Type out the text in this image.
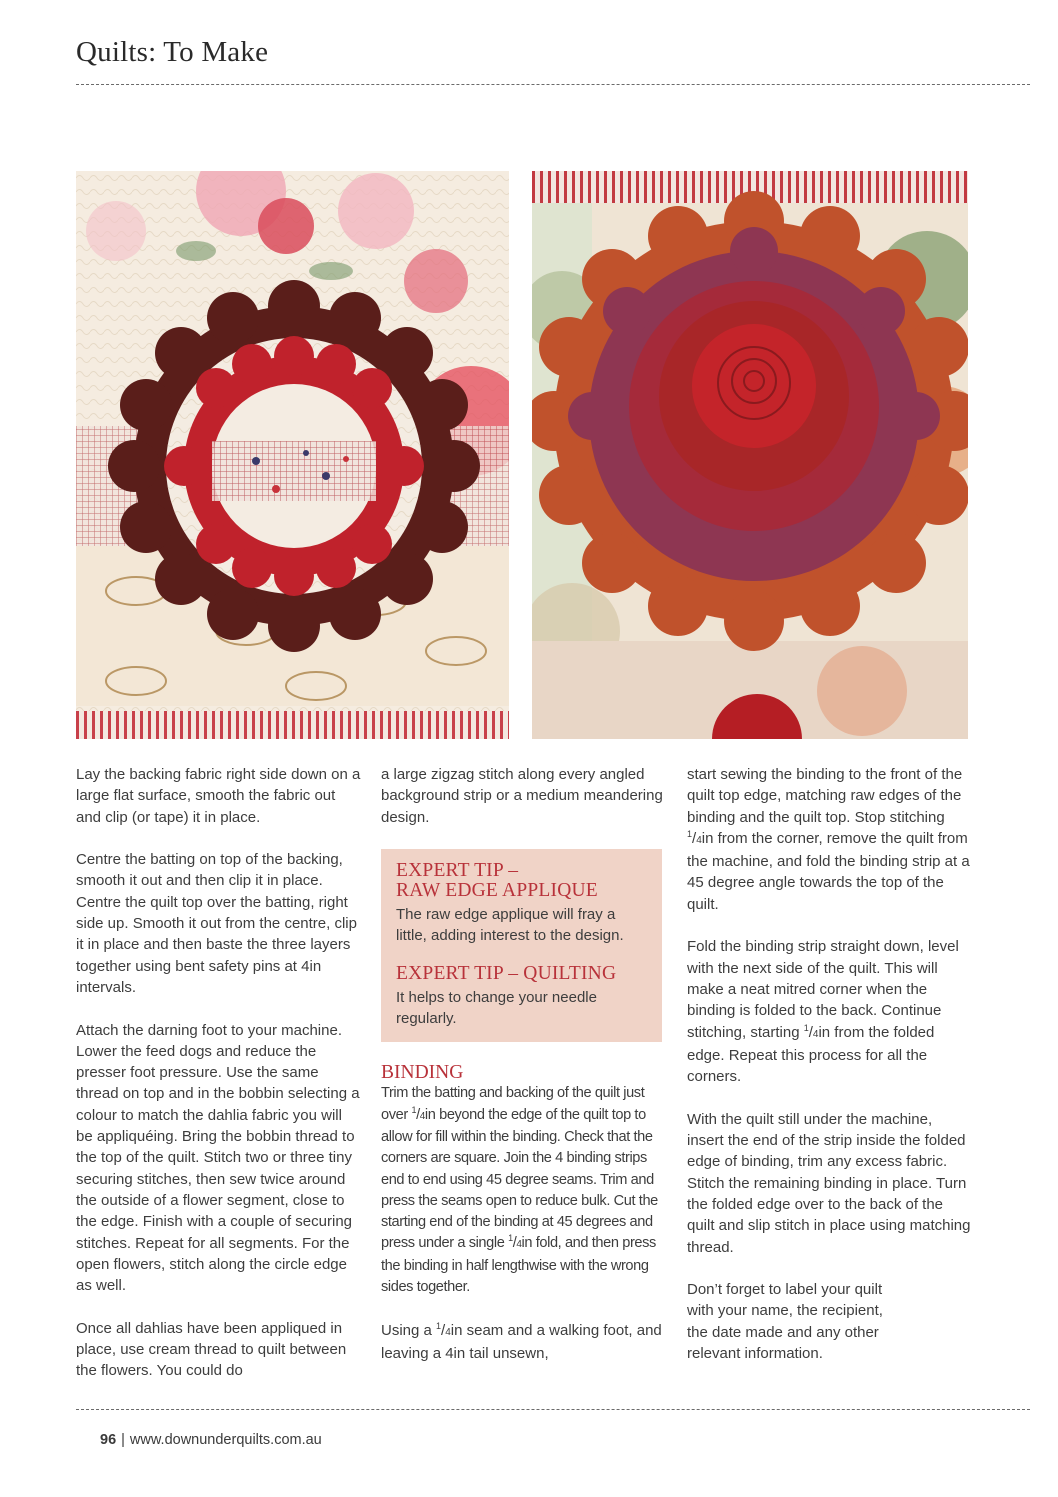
Quilts: To Make

Lay the backing fabric right side down on a large flat surface, smooth the fabric out and clip (or tape) it in place.

Centre the batting on top of the backing, smooth it out and then clip it in place. Centre the quilt top over the batting, right side up. Smooth it out from the centre, clip it in place and then baste the three layers together using bent safety pins at 4in intervals.

Attach the darning foot to your machine. Lower the feed dogs and reduce the presser foot pressure. Use the same thread on top and in the bobbin selecting a colour to match the dahlia fabric you will be appliquéing. Bring the bobbin thread to the top of the quilt. Stitch two or three tiny securing stitches, then sew twice around the outside of a flower segment, close to the edge. Finish with a couple of securing stitches. Repeat for all segments. For the open flowers, stitch along the circle edge as well.

Once all dahlias have been appliqued in place, use cream thread to quilt between the flowers. You could do

a large zigzag stitch along every angled background strip or a medium meandering design.

EXPERT TIP –
RAW EDGE APPLIQUE

The raw edge applique will fray a little, adding interest to the design.

EXPERT TIP – QUILTING

It helps to change your needle regularly.

BINDING

Trim the batting and backing of the quilt just over $^1$/4in beyond the edge of the quilt top to allow for fill within the binding. Check that the corners are square. Join the 4 binding strips end to end using 45 degree seams. Trim and press the seams open to reduce bulk. Cut the starting end of the binding at 45 degrees and press under a single $^1$/4in fold, and then press the binding in half lengthwise with the wrong sides together.

Using a $^1$/4in seam and a walking foot, and leaving a 4in tail unsewn,

start sewing the binding to the front of the quilt top edge, matching raw edges of the binding and the quilt top. Stop stitching $^1$/4in from the corner, remove the quilt from the machine, and fold the binding strip at a 45 degree angle towards the top of the quilt.

Fold the binding strip straight down, level with the next side of the quilt. This will make a neat mitred corner when the binding is folded to the back. Continue stitching, starting $^1$/4in from the folded edge. Repeat this process for all the corners.

With the quilt still under the machine, insert the end of the strip inside the folded edge of binding, trim any excess fabric. Stitch the remaining binding in place. Turn the folded edge over to the back of the quilt and slip stitch in place using matching thread.

Don’t forget to label your quilt
with your name, the recipient,
the date made and any other
relevant information.

96 | www.downunderquilts.com.au
